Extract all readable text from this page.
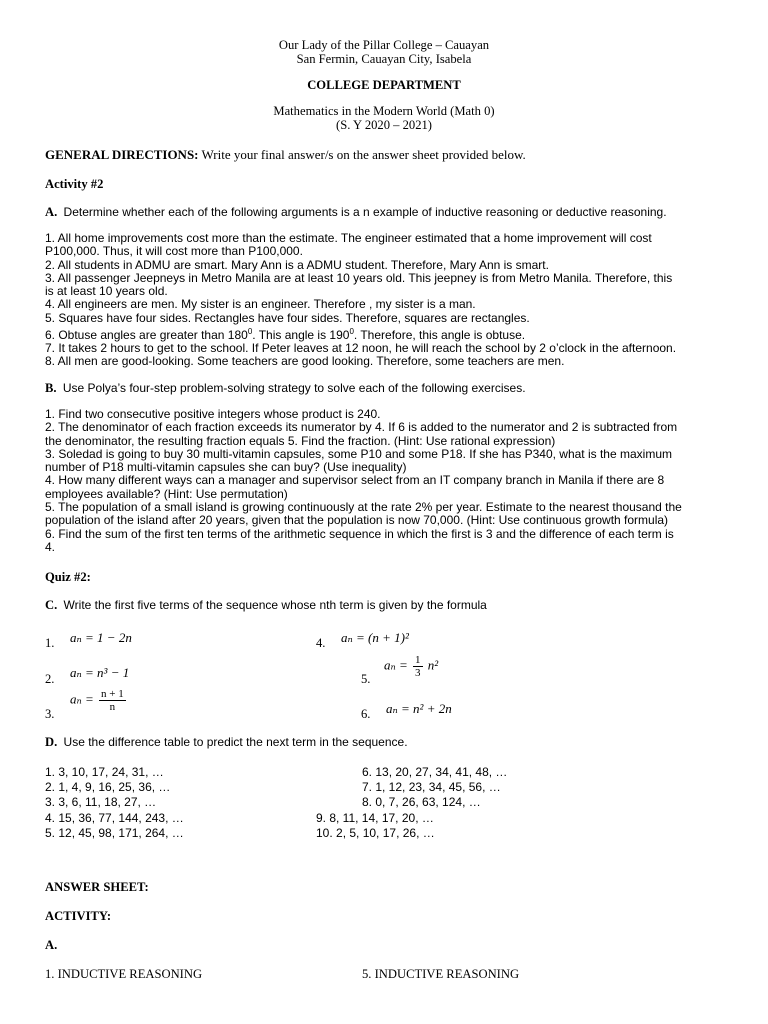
Our Lady of the Pillar College – Cauayan
San Fermin, Cauayan City, Isabela
COLLEGE DEPARTMENT
Mathematics in the Modern World (Math 0)
(S. Y 2020 – 2021)
GENERAL DIRECTIONS: Write your final answer/s on the answer sheet provided below.
Activity #2
A. Determine whether each of the following arguments is a n example of inductive reasoning or deductive reasoning.
1. All home improvements cost more than the estimate. The engineer estimated that a home improvement will cost
P100,000. Thus, it will cost more than P100,000.
2. All students in ADMU are smart. Mary Ann is a ADMU student. Therefore, Mary Ann is smart.
3. All passenger Jeepneys in Metro Manila are at least 10 years old. This jeepney is from Metro Manila. Therefore, this
is at least 10 years old.
4. All engineers are men. My sister is an engineer. Therefore , my sister is a man.
5. Squares have four sides. Rectangles have four sides. Therefore, squares are rectangles.
6. Obtuse angles are greater than $180^0$. This angle is $190^0$. Therefore, this angle is obtuse.
7. It takes 2 hours to get to the school. If Peter leaves at 12 noon, he will reach the school by 2 o’clock in the afternoon.
8. All men are good-looking. Some teachers are good looking. Therefore, some teachers are men.
B. Use Polya’s four-step problem-solving strategy to solve each of the following exercises.
1. Find two consecutive positive integers whose product is 240.
2. The denominator of each fraction exceeds its numerator by 4. If 6 is added to the numerator and 2 is subtracted from
the denominator, the resulting fraction equals 5. Find the fraction. (Hint: Use rational expression)
3. Soledad is going to buy 30 multi-vitamin capsules, some P10 and some P18. If she has P340, what is the maximum
number of P18 multi-vitamin capsules she can buy? (Use inequality)
4. How many different ways can a manager and supervisor select from an IT company branch in Manila if there are 8
employees available? (Hint: Use permutation)
5. The population of a small island is growing continuously at the rate 2% per year. Estimate to the nearest thousand the
population of the island after 20 years, given that the population is now 70,000. (Hint: Use continuous growth formula)
6. Find the sum of the first ten terms of the arithmetic sequence in which the first is 3 and the difference of each term is
4.
Quiz #2:
C. Write the first five terms of the sequence whose nth term is given by the formula
1. aₙ = 1 − 2n
2. aₙ = n³ − 1
3.
$a_n = \frac{n + 1}{n}$
4. aₙ = (n + 1)²
5.
$a_n = \frac{1}{3} n^2$
6. aₙ = n² + 2n
D. Use the difference table to predict the next term in the sequence.
1. 3, 10, 17, 24, 31, …
2. 1, 4, 9, 16, 25, 36, …
3. 3, 6, 11, 18, 27, …
4. 15, 36, 77, 144, 243, …
5. 12, 45, 98, 171, 264, …
6. 13, 20, 27, 34, 41, 48, …
7. 1, 12, 23, 34, 45, 56, …
8. 0, 7, 26, 63, 124, …
9. 8, 11, 14, 17, 20, …
10. 2, 5, 10, 17, 26, …
ANSWER SHEET:
ACTIVITY:
A.
1. INDUCTIVE REASONING	5. INDUCTIVE REASONING
